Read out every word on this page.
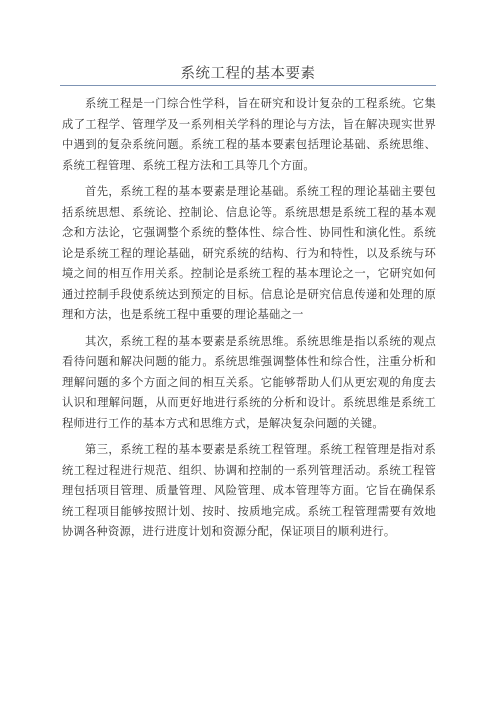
系统工程的基本要素

系统工程是一门综合性学科，旨在研究和设计复杂的工程系统。它集成了工程学、管理学及一系列相关学科的理论与方法，旨在解决现实世界中遇到的复杂系统问题。系统工程的基本要素包括理论基础、系统思维、系统工程管理、系统工程方法和工具等几个方面。

首先，系统工程的基本要素是理论基础。系统工程的理论基础主要包括系统思想、系统论、控制论、信息论等。系统思想是系统工程的基本观念和方法论，它强调整个系统的整体性、综合性、协同性和演化性。系统论是系统工程的理论基础，研究系统的结构、行为和特性，以及系统与环境之间的相互作用关系。控制论是系统工程的基本理论之一，它研究如何通过控制手段使系统达到预定的目标。信息论是研究信息传递和处理的原理和方法，也是系统工程中重要的理论基础之一

其次，系统工程的基本要素是系统思维。系统思维是指以系统的观点看待问题和解决问题的能力。系统思维强调整体性和综合性，注重分析和理解问题的多个方面之间的相互关系。它能够帮助人们从更宏观的角度去认识和理解问题，从而更好地进行系统的分析和设计。系统思维是系统工程师进行工作的基本方式和思维方式，是解决复杂问题的关键。

第三，系统工程的基本要素是系统工程管理。系统工程管理是指对系统工程过程进行规范、组织、协调和控制的一系列管理活动。系统工程管理包括项目管理、质量管理、风险管理、成本管理等方面。它旨在确保系统工程项目能够按照计划、按时、按质地完成。系统工程管理需要有效地协调各种资源，进行进度计划和资源分配，保证项目的顺利进行。
